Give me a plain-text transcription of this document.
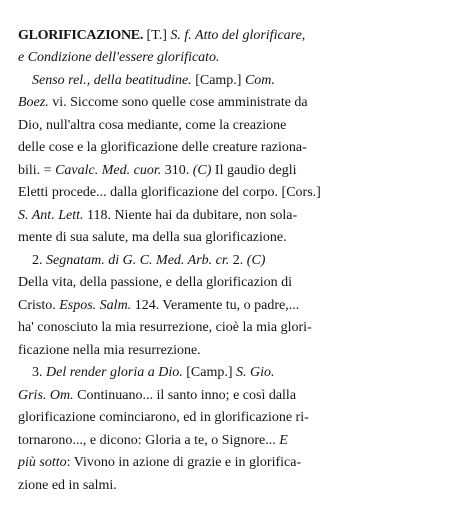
GLORIFICAZIONE. [T.] S. f. Atto del glorificare,

e Condizione dell'essere glorificato.

Senso rel., della beatitudine. [Camp.] Com.

Boez. vi. Siccome sono quelle cose amministrate da

Dio, null'altra cosa mediante, come la creazione

delle cose e la glorificazione delle creature raziona-

bili. = Cavalc. Med. cuor. 310. (C) Il gaudio degli

Eletti procede... dalla glorificazione del corpo. [Cors.]

S. Ant. Lett. 118. Niente hai da dubitare, non sola-

mente di sua salute, ma della sua glorificazione.

2. Segnatam. di G. C. Med. Arb. cr. 2. (C)

Della vita, della passione, e della glorificazion di

Cristo. Espos. Salm. 124. Veramente tu, o padre,...

ha' conosciuto la mia resurrezione, cioè la mia glori-

ficazione nella mia resurrezione.

3. Del render gloria a Dio. [Camp.] S. Gio.

Gris. Om. Continuano... il santo inno; e così dalla

glorificazione cominciarono, ed in glorificazione ri-

tornarono..., e dicono: Gloria a te, o Signore... E

più sotto: Vivono in azione di grazie e in glorifica-

zione ed in salmi.
